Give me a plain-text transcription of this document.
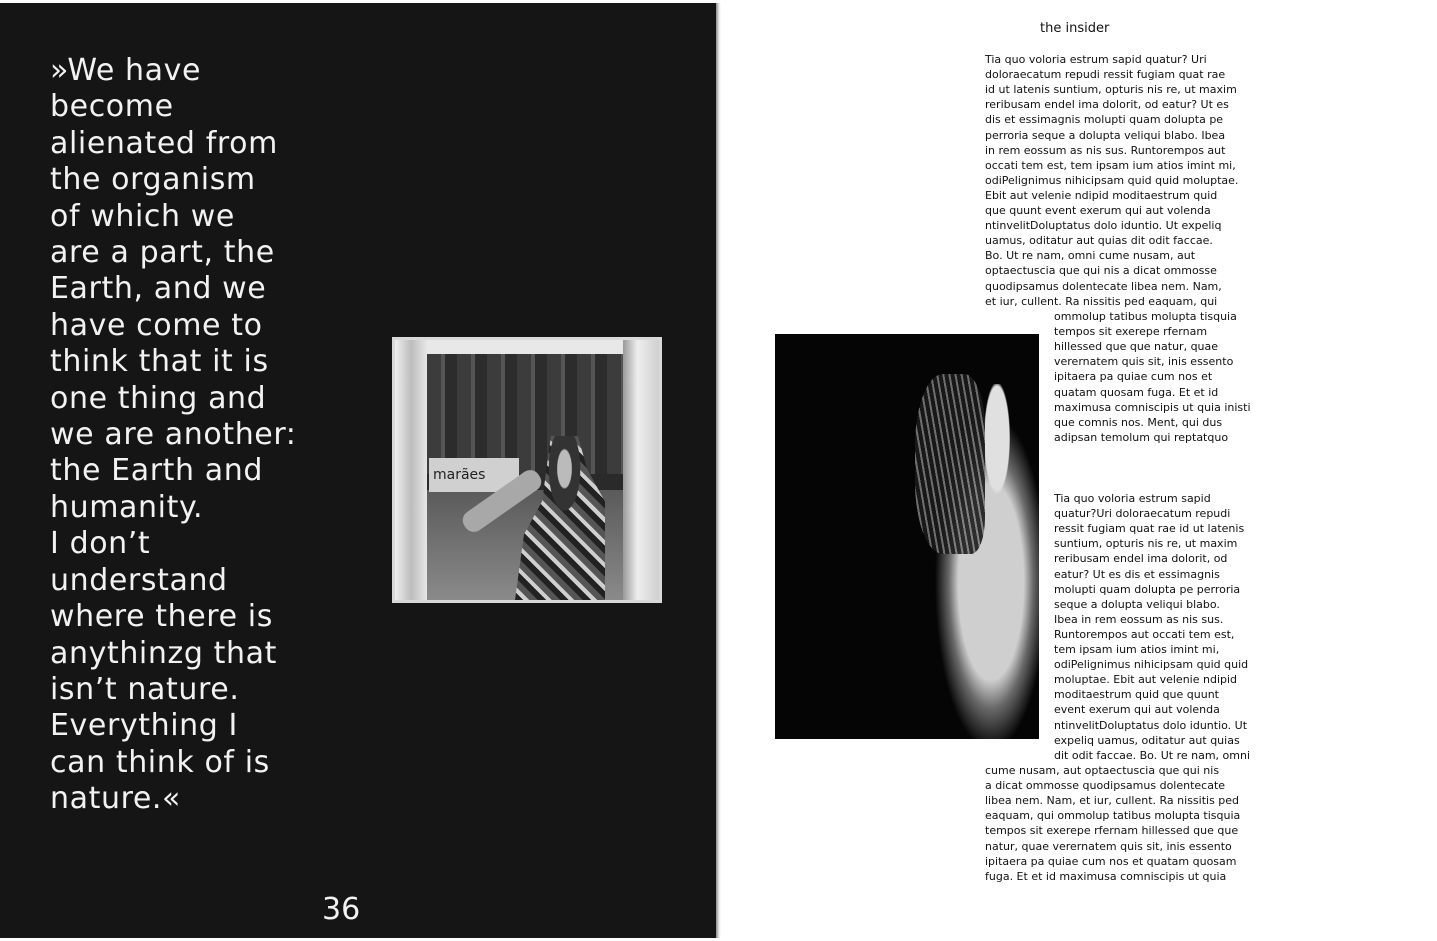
»We have
become
alienated from
the organism
of which we
are a part, the
Earth, and we
have come to
think that it is
one thing and
we are another:
the Earth and
humanity.
I don’t
understand
where there is
anythinzg that
isn’t nature.
Everything I
can think of is
nature.«

marães
36
the insider

Tia quo voloria estrum sapid quatur? Uri

doloraecatum repudi ressit fugiam quat rae

id ut latenis suntium, opturis nis re, ut maxim

reribusam endel ima dolorit, od eatur? Ut es

dis et essimagnis molupti quam dolupta pe

perroria seque a dolupta veliqui blabo. Ibea

in rem eossum as nis sus. Runtorempos aut

occati tem est, tem ipsam ium atios imint mi,

odiPelignimus nihicipsam quid quid moluptae.

Ebit aut velenie ndipid moditaestrum quid

que quunt event exerum qui aut volenda

ntinvelitDoluptatus dolo iduntio. Ut expeliq

uamus, oditatur aut quias dit odit faccae.

Bo. Ut re nam, omni cume nusam, aut

optaectuscia que qui nis a dicat ommosse

quodipsamus dolentecate libea nem. Nam,

et iur, cullent. Ra nissitis ped eaquam, qui

ommolup tatibus molupta tisquia

tempos sit exerepe rfernam

hillessed que que natur, quae

verernatem quis sit, inis essento

ipitaera pa quiae cum nos et

quatam quosam fuga. Et et id

maximusa comniscipis ut quia inisti

que comnis nos. Ment, qui dus

adipsan temolum qui reptatquo

Tia quo voloria estrum sapid

quatur?Uri doloraecatum repudi

ressit fugiam quat rae id ut latenis

suntium, opturis nis re, ut maxim

reribusam endel ima dolorit, od

eatur? Ut es dis et essimagnis

molupti quam dolupta pe perroria

seque a dolupta veliqui blabo.

Ibea in rem eossum as nis sus.

Runtorempos aut occati tem est,

tem ipsam ium atios imint mi,

odiPelignimus nihicipsam quid quid

moluptae. Ebit aut velenie ndipid

moditaestrum quid que quunt

event exerum qui aut volenda

ntinvelitDoluptatus dolo iduntio. Ut

expeliq uamus, oditatur aut quias

dit odit faccae. Bo. Ut re nam, omni

cume nusam, aut optaectuscia que qui nis

a dicat ommosse quodipsamus dolentecate

libea nem. Nam, et iur, cullent. Ra nissitis ped

eaquam, qui ommolup tatibus molupta tisquia

tempos sit exerepe rfernam hillessed que que

natur, quae verernatem quis sit, inis essento

ipitaera pa quiae cum nos et quatam quosam

fuga. Et et id maximusa comniscipis ut quia
